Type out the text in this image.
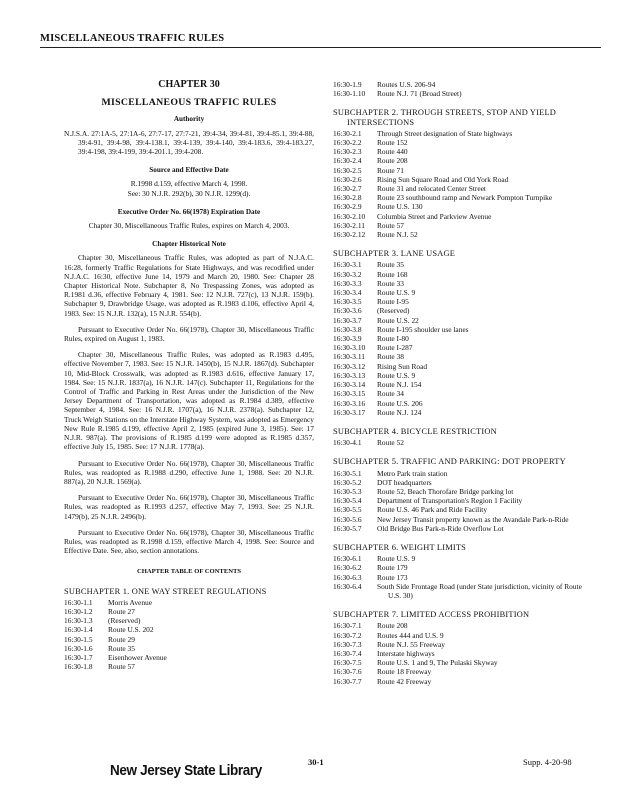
MISCELLANEOUS TRAFFIC RULES
CHAPTER 30
MISCELLANEOUS TRAFFIC RULES
Authority
N.J.S.A. 27:1A-5, 27:1A-6, 27:7-17, 27:7-21, 39:4-34, 39:4-81, 39:4-85.1, 39:4-88, 39:4-91, 39:4-98, 39:4-138.1, 39:4-139, 39:4-140, 39:4-183.6, 39:4-183.27, 39:4-198, 39:4-199, 39:4-201.1, 39:4-208.
Source and Effective Date
R.1998 d.159, effective March 4, 1998.
See: 30 N.J.R. 292(b), 30 N.J.R. 1299(d).
Executive Order No. 66(1978) Expiration Date
Chapter 30, Miscellaneous Traffic Rules, expires on March 4, 2003.
Chapter Historical Note
Chapter 30, Miscellaneous Traffic Rules, was adopted as part of N.J.A.C. 16:28, formerly Traffic Regulations for State Highways, and was recodified under N.J.A.C. 16:30, effective June 14, 1979 and March 20, 1980. See: Chapter 28 Chapter Historical Note. Subchapter 8, No Trespassing Zones, was adopted as R.1981 d.36, effective February 4, 1981. See: 12 N.J.R. 727(c), 13 N.J.R. 159(b). Subchapter 9, Drawbridge Usage, was adopted as R.1983 d.106, effective April 4, 1983. See: 15 N.J.R. 132(a), 15 N.J.R. 554(b).
Pursuant to Executive Order No. 66(1978), Chapter 30, Miscellaneous Traffic Rules, expired on August 1, 1983.
Chapter 30, Miscellaneous Traffic Rules, was adopted as R.1983 d.495, effective November 7, 1983. See: 15 N.J.R. 1450(b), 15 N.J.R. 1867(d). Subchapter 10, Mid-Block Crosswalk, was adopted as R.1983 d.616, effective January 17, 1984. See: 15 N.J.R. 1837(a), 16 N.J.R. 147(c). Subchapter 11, Regulations for the Control of Traffic and Parking in Rest Areas under the Jurisdiction of the New Jersey Department of Transportation, was adopted as R.1984 d.389, effective September 4, 1984. See: 16 N.J.R. 1707(a), 16 N.J.R. 2378(a). Subchapter 12, Truck Weigh Stations on the Interstate Highway System, was adopted as Emergency New Rule R.1985 d.199, effective April 2, 1985 (expired June 3, 1985). See: 17 N.J.R. 987(a). The provisions of R.1985 d.199 were adopted as R.1985 d.357, effective July 15, 1985. See: 17 N.J.R. 1778(a).
Pursuant to Executive Order No. 66(1978), Chapter 30, Miscellaneous Traffic Rules, was readopted as R.1988 d.290, effective June 1, 1988. See: 20 N.J.R. 887(a), 20 N.J.R. 1569(a).
Pursuant to Executive Order No. 66(1978), Chapter 30, Miscellaneous Traffic Rules, was readopted as R.1993 d.257, effective May 7, 1993. See: 25 N.J.R. 1479(b), 25 N.J.R. 2496(b).
Pursuant to Executive Order No. 66(1978), Chapter 30, Miscellaneous Traffic Rules, was readopted as R.1998 d.159, effective March 4, 1998. See: Source and Effective Date. See, also, section annotations.
CHAPTER TABLE OF CONTENTS
SUBCHAPTER 1. ONE WAY STREET REGULATIONS
16:30-1.1	Morris Avenue
16:30-1.2	Route 27
16:30-1.3	(Reserved)
16:30-1.4	Route U.S. 202
16:30-1.5	Route 29
16:30-1.6	Route 35
16:30-1.7	Eisenhower Avenue
16:30-1.8	Route 57
16:30-1.9	Routes U.S. 206-94
16:30-1.10	Route N.J. 71 (Broad Street)
SUBCHAPTER 2. THROUGH STREETS, STOP AND YIELD INTERSECTIONS
16:30-2.1	Through Street designation of State highways
16:30-2.2	Route 152
16:30-2.3	Route 440
16:30-2.4	Route 208
16:30-2.5	Route 71
16:30-2.6	Rising Sun Square Road and Old York Road
16:30-2.7	Route 31 and relocated Center Street
16:30-2.8	Route 23 southbound ramp and Newark Pompton Turnpike
16:30-2.9	Route U.S. 130
16:30-2.10	Columbia Street and Parkview Avenue
16:30-2.11	Route 57
16:30-2.12	Route N.J. 52
SUBCHAPTER 3. LANE USAGE
16:30-3.1	Route 35
16:30-3.2	Route 168
16:30-3.3	Route 33
16:30-3.4	Route U.S. 9
16:30-3.5	Route I-95
16:30-3.6	(Reserved)
16:30-3.7	Route U.S. 22
16:30-3.8	Route I-195 shoulder use lanes
16:30-3.9	Route I-80
16:30-3.10	Route I-287
16:30-3.11	Route 38
16:30-3.12	Rising Sun Road
16:30-3.13	Route U.S. 9
16:30-3.14	Route N.J. 154
16:30-3.15	Route 34
16:30-3.16	Route U.S. 206
16:30-3.17	Route N.J. 124
SUBCHAPTER 4. BICYCLE RESTRICTION
16:30-4.1	Route 52
SUBCHAPTER 5. TRAFFIC AND PARKING: DOT PROPERTY
16:30-5.1	Metro Park train station
16:30-5.2	DOT headquarters
16:30-5.3	Route 52, Beach Thorofare Bridge parking lot
16:30-5.4	Department of Transportation's Region 1 Facility
16:30-5.5	Route U.S. 46 Park and Ride Facility
16:30-5.6	New Jersey Transit property known as the Avandale Park-n-Ride
16:30-5.7	Old Bridge Bus Park-n-Ride Overflow Lot
SUBCHAPTER 6. WEIGHT LIMITS
16:30-6.1	Route U.S. 9
16:30-6.2	Route 179
16:30-6.3	Route 173
16:30-6.4	South Side Frontage Road (under State jurisdiction, vicinity of Route U.S. 30)
SUBCHAPTER 7. LIMITED ACCESS PROHIBITION
16:30-7.1	Route 208
16:30-7.2	Routes 444 and U.S. 9
16:30-7.3	Route N.J. 55 Freeway
16:30-7.4	Interstate highways
16:30-7.5	Route U.S. 1 and 9, The Pulaski Skyway
16:30-7.6	Route 18 Freeway
16:30-7.7	Route 42 Freeway
New Jersey State Library	30-1	Supp. 4-20-98
